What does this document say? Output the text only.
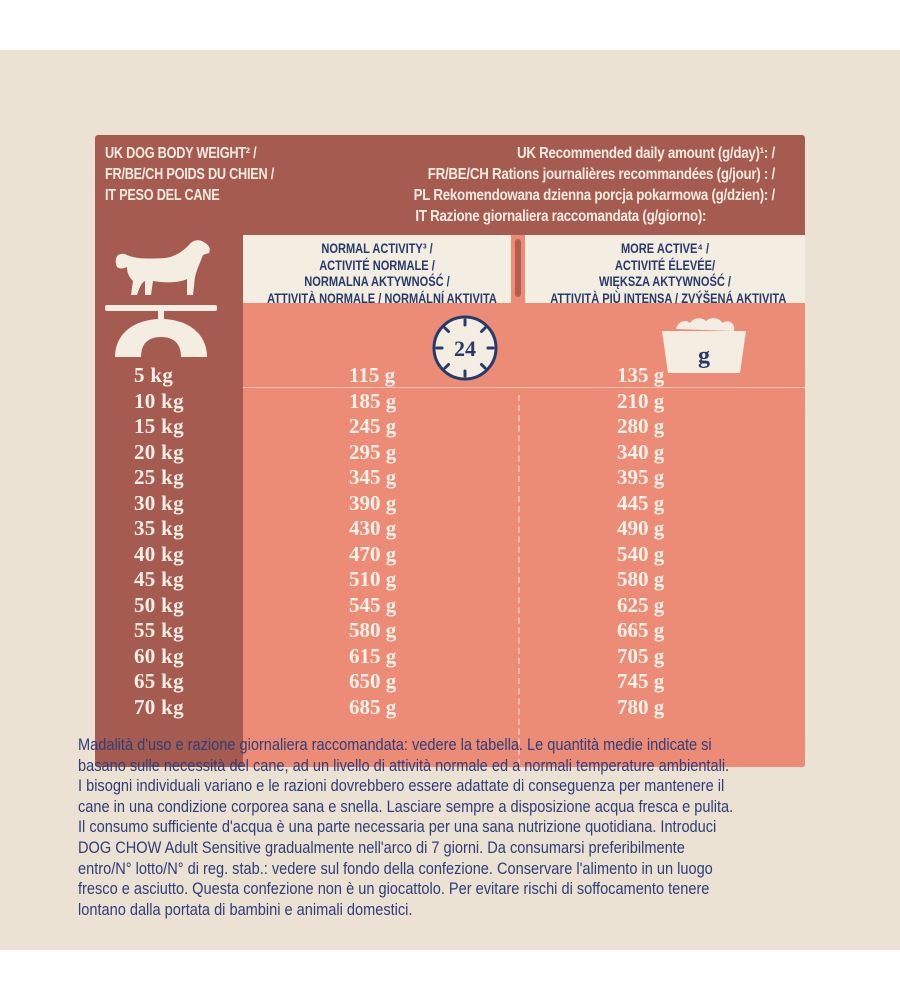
UK DOG BODY WEIGHT² /
FR/BE/CH POIDS DU CHIEN /
IT PESO DEL CANE
UK Recommended daily amount (g/day)¹: /
FR/BE/CH Rations journalières recommandées (g/jour) : /
PL Rekomendowana dzienna porcja pokarmowa (g/dzien): /
IT Razione giornaliera raccomandata (g/giorno):
NORMAL ACTIVITY³ /
ACTIVITÉ NORMALE /
NORMALNA AKTYWNOŚĆ /
ATTIVITÀ NORMALE / NORMÁLNÍ AKTIVITA
MORE ACTIVE⁴ /
ACTIVITÉ ÉLEVÉE/
WIĘKSZA AKTYWNOŚĆ /
ATTIVITÀ PIÙ INTENSA / ZVÝŠENÁ AKTIVITA
24	g
5 kg
10 kg
15 kg
20 kg
25 kg
30 kg
35 kg
40 kg
45 kg
50 kg
55 kg
60 kg
65 kg
70 kg
115 g
185 g
245 g
295 g
345 g
390 g
430 g
470 g
510 g
545 g
580 g
615 g
650 g
685 g
135 g
210 g
280 g
340 g
395 g
445 g
490 g
540 g
580 g
625 g
665 g
705 g
745 g
780 g
Madalità d'uso e razione giornaliera raccomandata: vedere la tabella. Le quantità medie indicate si
basano sulle necessità del cane, ad un livello di attività normale ed a normali temperature ambientali.
I bisogni individuali variano e le razioni dovrebbero essere adattate di conseguenza per mantenere il
cane in una condizione corporea sana e snella. Lasciare sempre a disposizione acqua fresca e pulita.
Il consumo sufficiente d'acqua è una parte necessaria per una sana nutrizione quotidiana. Introduci
DOG CHOW Adult Sensitive gradualmente nell'arco di 7 giorni. Da consumarsi preferibilmente
entro/N° lotto/N° di reg. stab.: vedere sul fondo della confezione. Conservare l'alimento in un luogo
fresco e asciutto. Questa confezione non è un giocattolo. Per evitare rischi di soffocamento tenere
lontano dalla portata di bambini e animali domestici.
